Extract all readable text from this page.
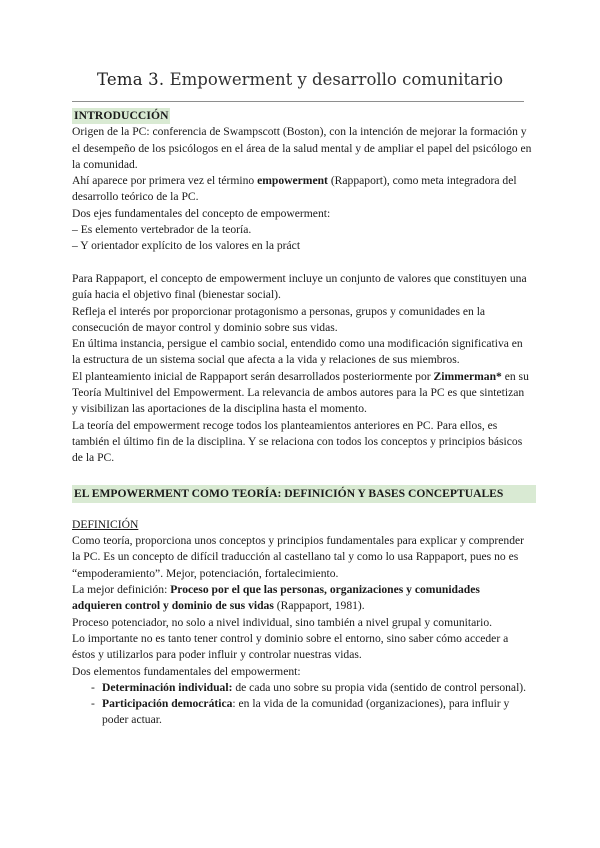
Tema 3. Empowerment y desarrollo comunitario
INTRODUCCIÓN

Origen de la PC: conferencia de Swampscott (Boston), con la intención de mejorar la formación y el desempeño de los psicólogos en el área de la salud mental y de ampliar el papel del psicólogo en la comunidad.

Ahí aparece por primera vez el término empowerment (Rappaport), como meta integradora del desarrollo teórico de la PC.

Dos ejes fundamentales del concepto de empowerment:

– Es elemento vertebrador de la teoría.

– Y orientador explícito de los valores en la práct

Para Rappaport, el concepto de empowerment incluye un conjunto de valores que constituyen una guía hacia el objetivo final (bienestar social).

Refleja el interés por proporcionar protagonismo a personas, grupos y comunidades en la consecución de mayor control y dominio sobre sus vidas.

En última instancia, persigue el cambio social, entendido como una modificación significativa en la estructura de un sistema social que afecta a la vida y relaciones de sus miembros.

El planteamiento inicial de Rappaport serán desarrollados posteriormente por Zimmerman* en su Teoría Multinivel del Empowerment. La relevancia de ambos autores para la PC es que sintetizan y visibilizan las aportaciones de la disciplina hasta el momento.

La teoría del empowerment recoge todos los planteamientos anteriores en PC. Para ellos, es también el último fin de la disciplina. Y se relaciona con todos los conceptos y principios básicos de la PC.

EL EMPOWERMENT COMO TEORÍA: DEFINICIÓN Y BASES CONCEPTUALES

DEFINICIÓN

Como teoría, proporciona unos conceptos y principios fundamentales para explicar y comprender la PC. Es un concepto de difícil traducción al castellano tal y como lo usa Rappaport, pues no es “empoderamiento”. Mejor, potenciación, fortalecimiento.

La mejor definición: Proceso por el que las personas, organizaciones y comunidades adquieren control y dominio de sus vidas (Rappaport, 1981).

Proceso potenciador, no solo a nivel individual, sino también a nivel grupal y comunitario.

Lo importante no es tanto tener control y dominio sobre el entorno, sino saber cómo acceder a éstos y utilizarlos para poder influir y controlar nuestras vidas.

Dos elementos fundamentales del empowerment:

- Determinación individual: de cada uno sobre su propia vida (sentido de control personal).

- Participación democrática: en la vida de la comunidad (organizaciones), para influir y poder actuar.
